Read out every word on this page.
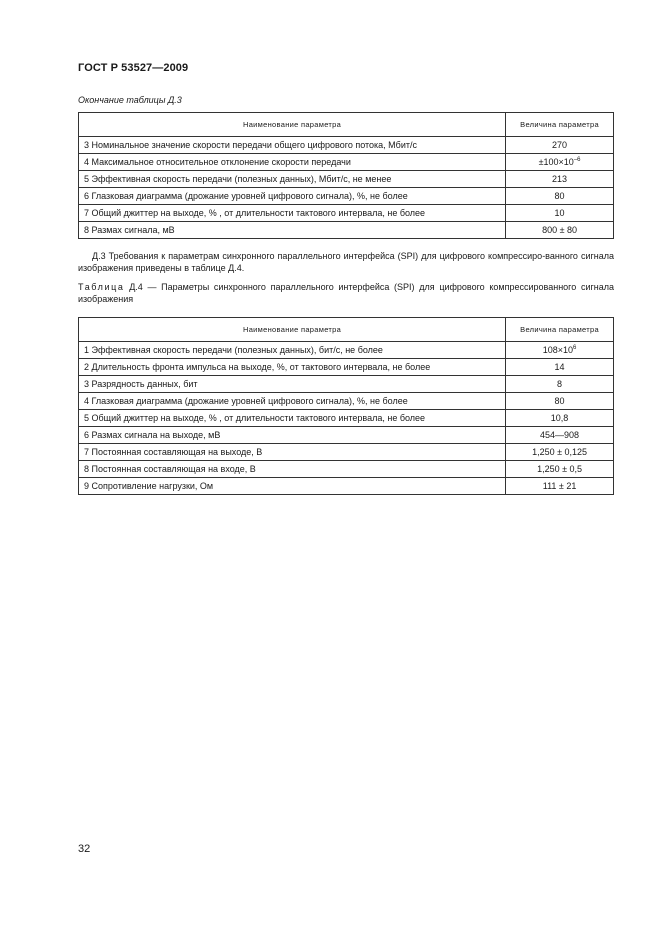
ГОСТ Р 53527—2009
Окончание таблицы Д.3
Наименование параметра	Величина параметра
3 Номинальное значение скорости передачи общего цифрового потока, Мбит/с	270
4 Максимальное относительное отклонение скорости передачи	$\pm 100\times 10^{-6}$
5 Эффективная скорость передачи (полезных данных), Мбит/с, не менее	213
6 Глазковая диаграмма (дрожание уровней цифрового сигнала), %, не более	80
7 Общий джиттер на выходе, % , от длительности тактового интервала, не более	10
8 Размах сигнала, мВ	800 ± 80
Д.3 Требования к параметрам синхронного параллельного интерфейса (SPI) для цифрового компрессиро-ванного сигнала изображения приведены в таблице Д.4.
Таблица Д.4 — Параметры синхронного параллельного интерфейса (SPI) для цифрового компрессированного сигнала изображения
Наименование параметра	Величина параметра
1 Эффективная скорость передачи (полезных данных), бит/с, не более	$108\times 10^6$
2 Длительность фронта импульса на выходе, %, от тактового интервала, не более	14
3 Разрядность данных, бит	8
4 Глазковая диаграмма (дрожание уровней цифрового сигнала), %, не более	80
5 Общий джиттер на выходе, % , от длительности тактового интервала, не более	10,8
6 Размах сигнала на выходе, мВ	454—908
7 Постоянная составляющая на выходе, В	1,250 ± 0,125
8 Постоянная составляющая на входе, В	1,250 ± 0,5
9 Сопротивление нагрузки, Ом	111 ± 21
32
